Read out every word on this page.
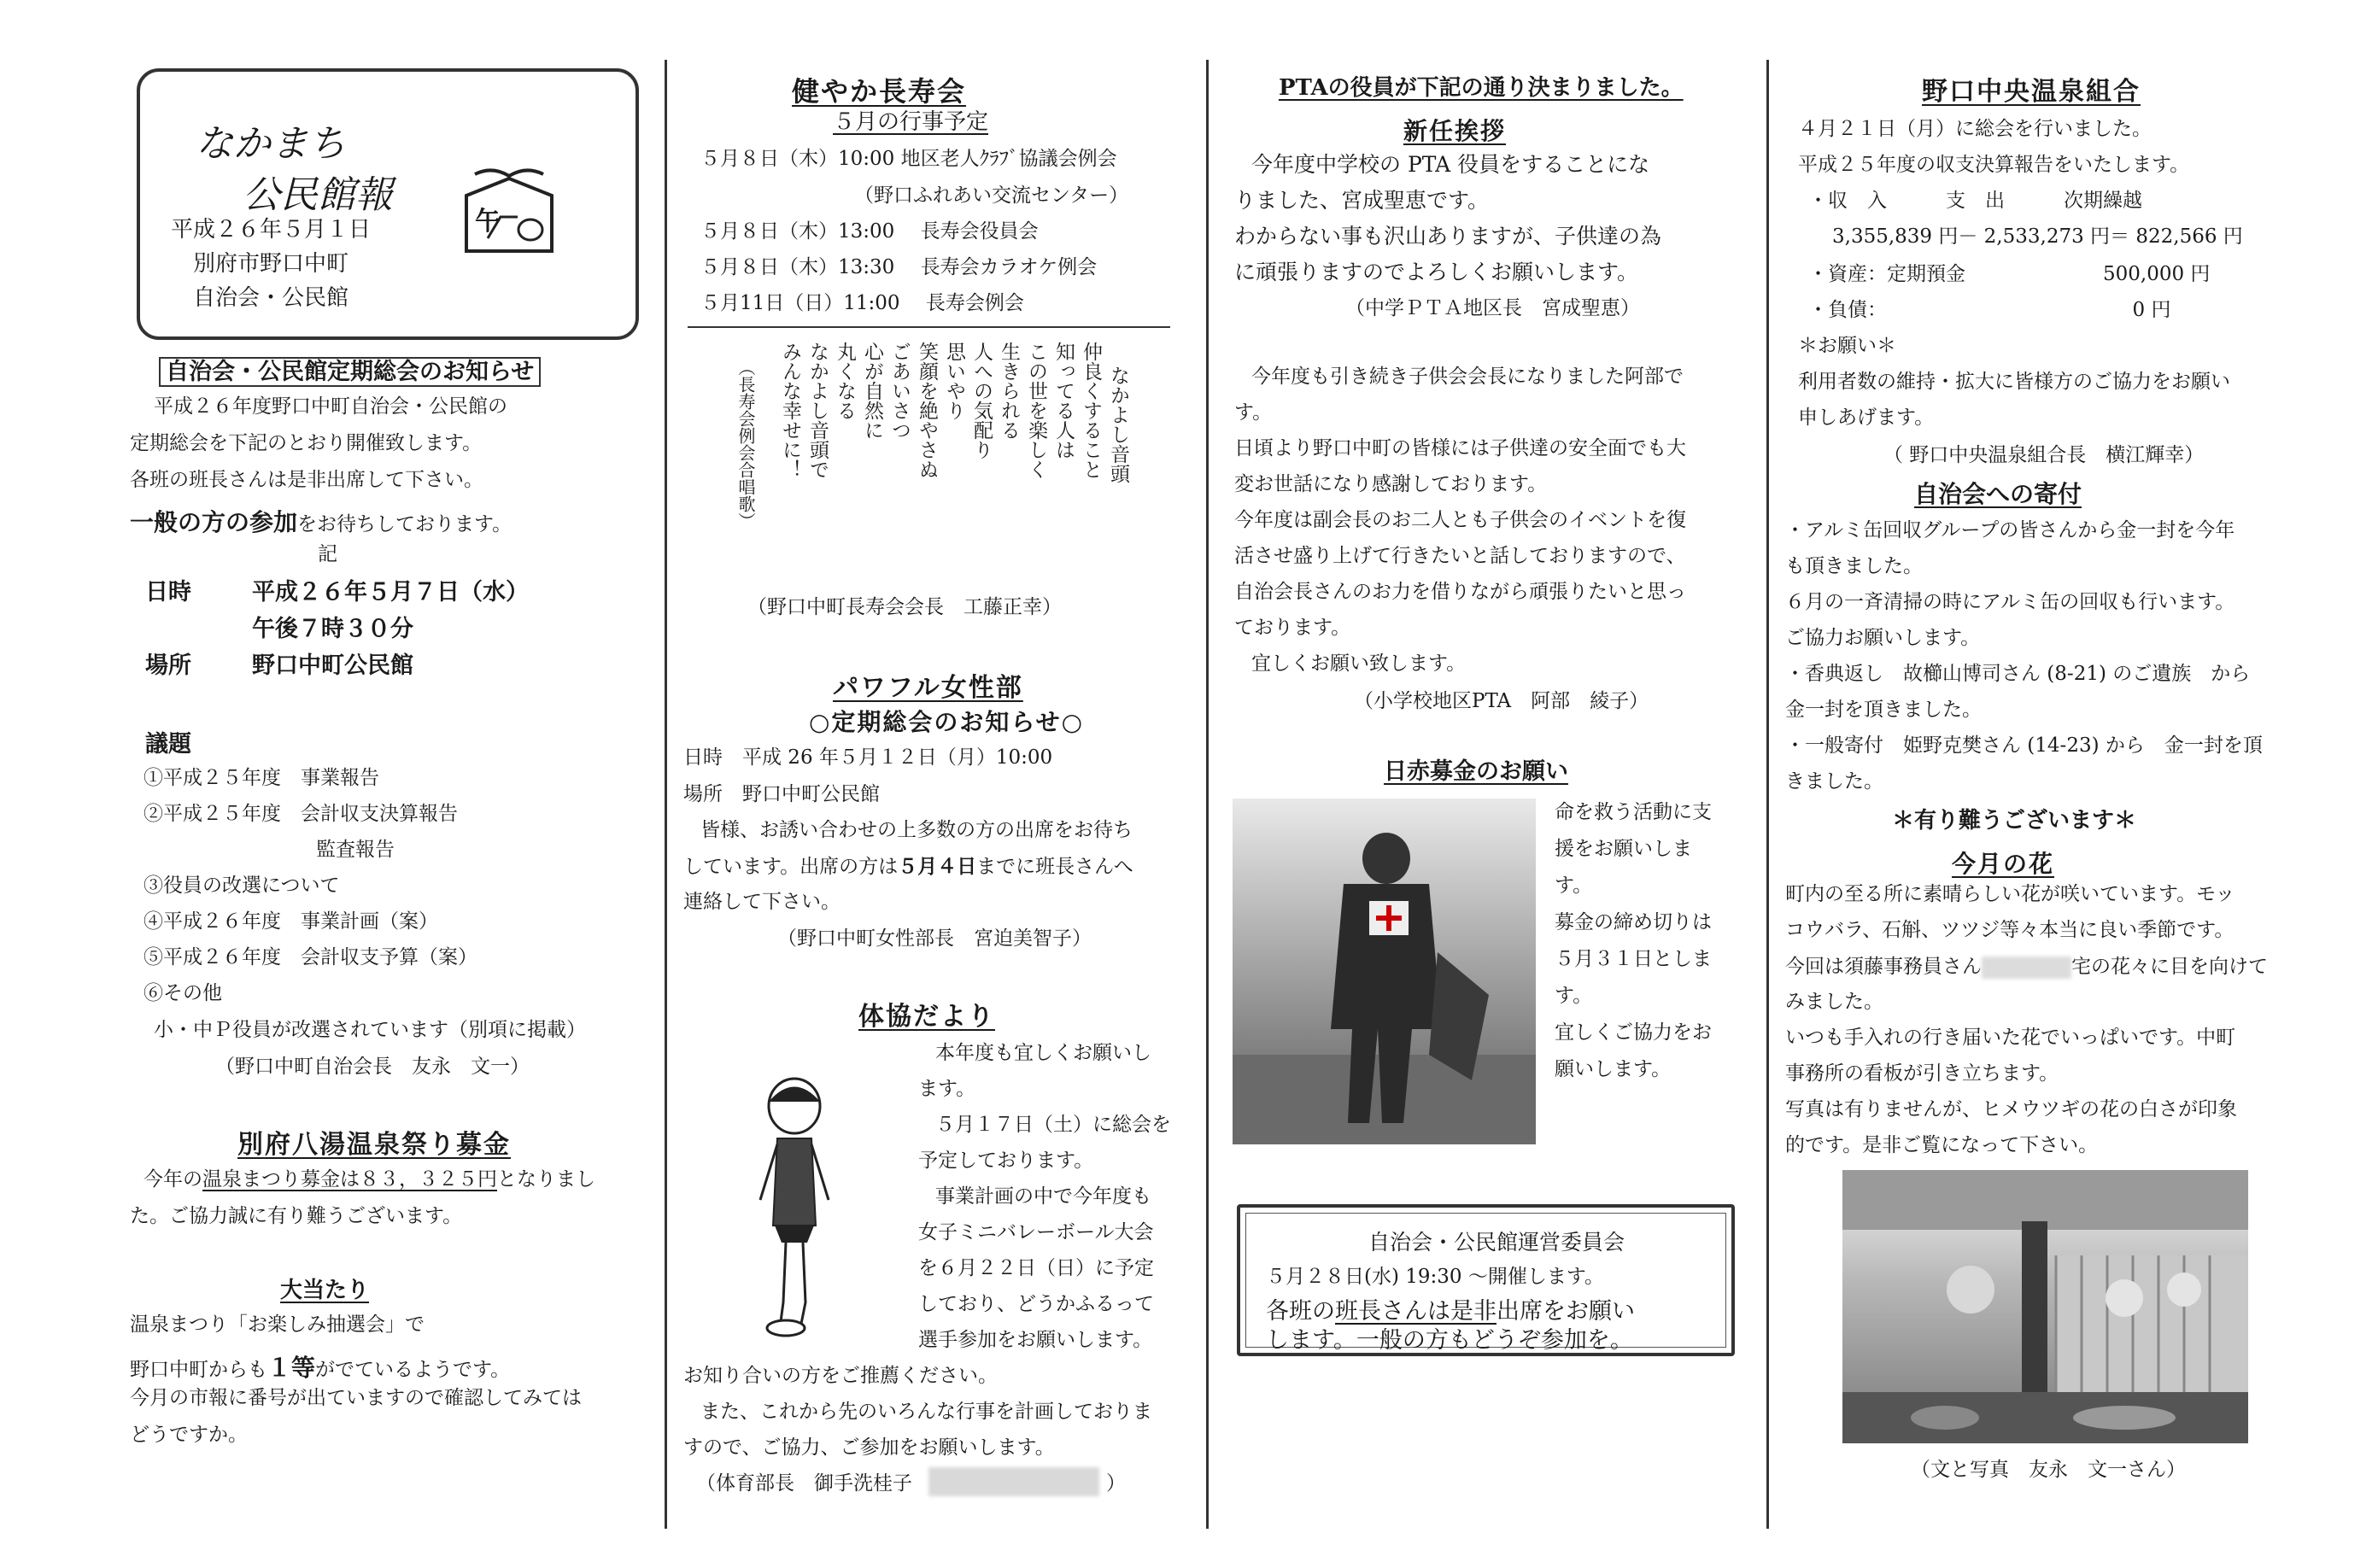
なかまち
公民館報
平成２６年５月１日
別府市野口中町
自治会・公民館
午
自治会・公民館定期総会のお知らせ
平成２６年度野口中町自治会・公民館の
定期総会を下記のとおり開催致します。
各班の班長さんは是非出席して下さい。
一般の方の参加をお待ちしております。
記
日時	平成２６年５月７日（水）
午後７時３０分
場所	野口中町公民館
議題
①平成２５年度　事業報告
②平成２５年度　会計収支決算報告
監査報告
③役員の改選について
④平成２６年度　事業計画（案）
⑤平成２６年度　会計収支予算（案）
⑥その他
小・中Ｐ役員が改選されています（別項に掲載）
（野口中町自治会長　友永　文一）
別府八湯温泉祭り募金
今年の温泉まつり募金は８３，３２５円となりまし
た。ご協力誠に有り難うございます。
大当たり
温泉まつり「お楽しみ抽選会」で
野口中町からも１等がでているようです。
今月の市報に番号が出ていますので確認してみては
どうですか。
健やか長寿会
５月の行事予定
５月８日（木）10:00 地区老人ｸﾗﾌﾞ協議会例会
（野口ふれあい交流センター）
５月８日（木）13:00　 長寿会役員会
５月８日（木）13:30　 長寿会カラオケ例会
５月11日（日）11:00　 長寿会例会
なかよし音頭
仲良くすること
知ってる人は
この世を楽しく
生きられる
人への気配り
思いやり
笑顔を絶やさぬ
ごあいさつ
心が自然に
丸くなる
なかよし音頭で
みんな幸せに！
（長寿会例会合唱歌）
（野口中町長寿会会長　工藤正幸）
パワフル女性部
○定期総会のお知らせ○
日時　平成 26 年５月１２日（月）10:00
場所　野口中町公民館
皆様、お誘い合わせの上多数の方の出席をお待ち
しています。出席の方は５月４日までに班長さんへ
連絡して下さい。
（野口中町女性部長　宮迫美智子）
体協だより
本年度も宜しくお願いし
ます。
５月１７日（土）に総会を
予定しております。
事業計画の中で今年度も
女子ミニバレーボール大会
を６月２２日（日）に予定
しており、どうかふるって
選手参加をお願いします。
お知り合いの方をご推薦ください。
また、これから先のいろんな行事を計画しておりま
すので、ご協力、ご参加をお願いします。
（体育部長　御手洗桂子	）
PTAの役員が下記の通り決まりました。
新任挨拶
今年度中学校の PTA 役員をすることにな
りました、宮成聖恵です。
わからない事も沢山ありますが、子供達の為
に頑張りますのでよろしくお願いします。
（中学ＰＴＡ地区長　宮成聖恵）
今年度も引き続き子供会会長になりました阿部で
す。
日頃より野口中町の皆様には子供達の安全面でも大
変お世話になり感謝しております。
今年度は副会長のお二人とも子供会のイベントを復
活させ盛り上げて行きたいと話しておりますので、
自治会長さんのお力を借りながら頑張りたいと思っ
ております。
宜しくお願い致します。
（小学校地区PTA　阿部　綾子）
日赤募金のお願い
命を救う活動に支
援をお願いしま
す。
募金の締め切りは
５月３１日としま
す。
宜しくご協力をお
願いします。
自治会・公民館運営委員会
５月２８日(水) 19:30 ～開催します。
各班の班長さんは是非出席をお願い
します。一般の方もどうぞ参加を。
野口中央温泉組合
４月２１日（月）に総会を行いました。
平成２５年度の収支決算報告をいたします。
・収　入　　　支　出　　　次期繰越
3,355,839 円－ 2,533,273 円＝ 822,566 円
・資産：定期預金　　　　　　　500,000 円
・負債：　　　　　　　　　　　　　0 円
＊お願い＊
利用者数の維持・拡大に皆様方のご協力をお願い
申しあげます。
（ 野口中央温泉組合長　横江輝幸）
自治会への寄付
・アルミ缶回収グループの皆さんから金一封を今年
も頂きました。
６月の一斉清掃の時にアルミ缶の回収も行います。
ご協力お願いします。
・香典返し　故櫛山博司さん (8-21) のご遺族　から
金一封を頂きました。
・一般寄付　姫野克樊さん (14-23) から　金一封を頂
きました。
＊有り難うございます＊
今月の花
町内の至る所に素晴らしい花が咲いています。モッ
コウバラ、石斛、ツツジ等々本当に良い季節です。
今回は須藤事務員さん	宅の花々に目を向けて
みました。
いつも手入れの行き届いた花でいっぱいです。中町
事務所の看板が引き立ちます。
写真は有りませんが、ヒメウツギの花の白さが印象
的です。是非ご覧になって下さい。
（文と写真　友永　文一さん）
